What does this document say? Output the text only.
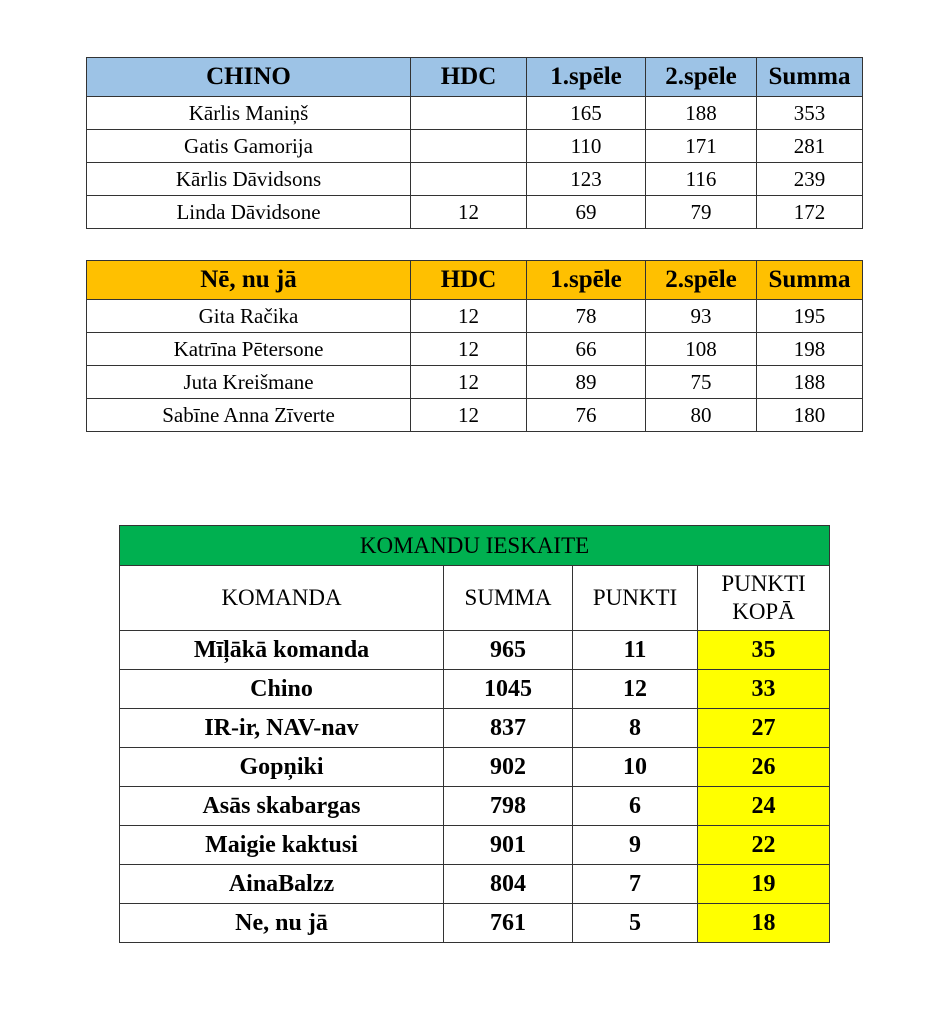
CHINO	HDC	1.spēle	2.spēle	Summa
Kārlis Maniņš		165	188	353
Gatis Gamorija		110	171	281
Kārlis Dāvidsons		123	116	239
Linda Dāvidsone	12	69	79	172
Nē, nu jā	HDC	1.spēle	2.spēle	Summa
Gita Račika	12	78	93	195
Katrīna Pētersone	12	66	108	198
Juta Kreišmane	12	89	75	188
Sabīne Anna Zīverte	12	76	80	180
KOMANDU IESKAITE			
KOMANDA	SUMMA	PUNKTI	PUNKTI KOPĀ
Mīļākā komanda	965	11	35
Chino	1045	12	33
IR-ir, NAV-nav	837	8	27
Gopņiki	902	10	26
Asās skabargas	798	6	24
Maigie kaktusi	901	9	22
AinaBalzz	804	7	19
Ne, nu jā	761	5	18
